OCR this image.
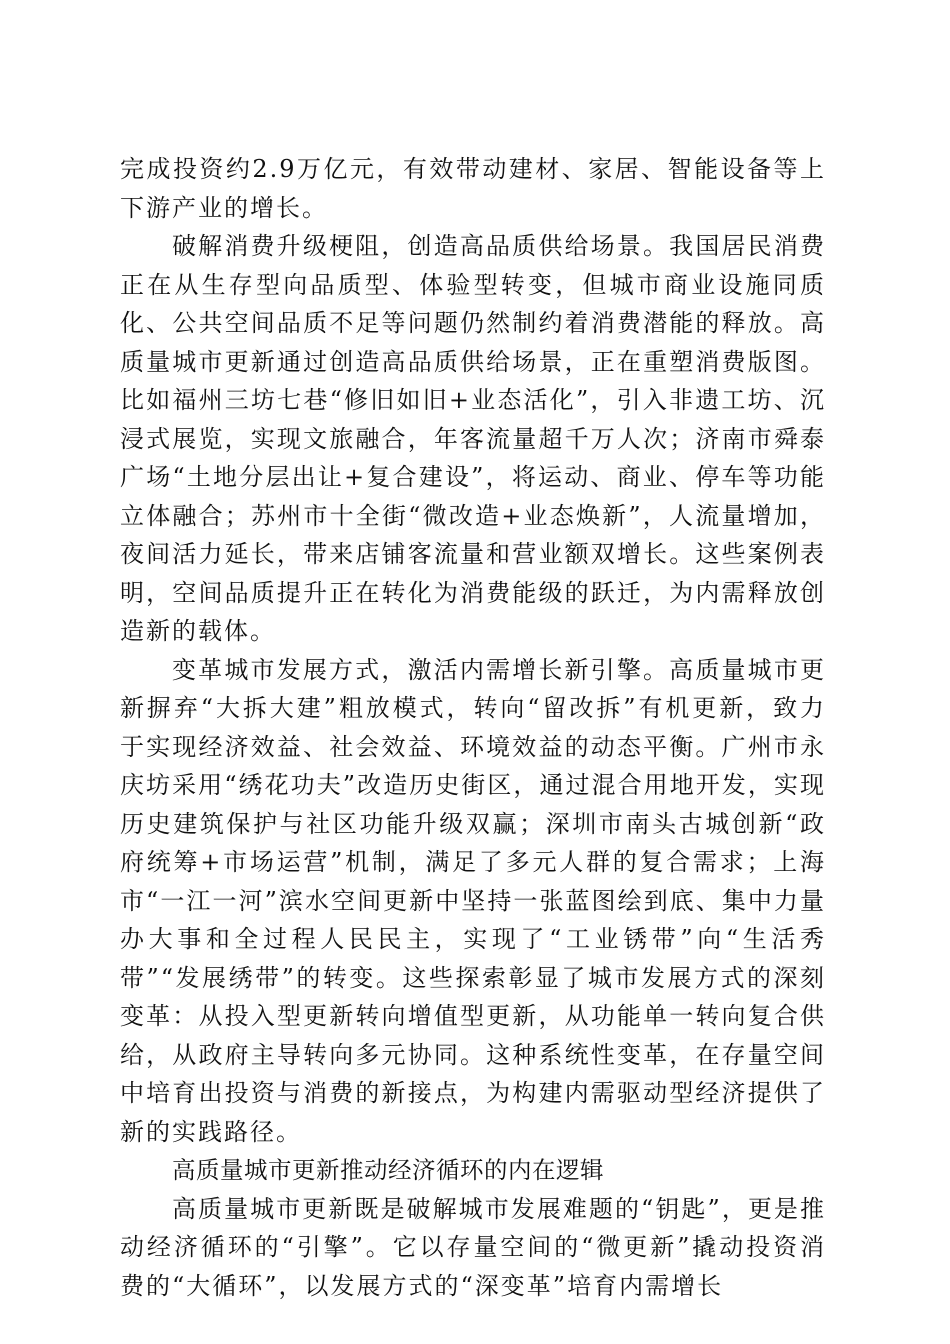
完成投资约2.9万亿元，有效带动建材、家居、智能设备等上下游产业的增长。

破解消费升级梗阻，创造高品质供给场景。我国居民消费正在从生存型向品质型、体验型转变，但城市商业设施同质化、公共空间品质不足等问题仍然制约着消费潜能的释放。高质量城市更新通过创造高品质供给场景，正在重塑消费版图。比如福州三坊七巷“修旧如旧+业态活化”，引入非遗工坊、沉浸式展览，实现文旅融合，年客流量超千万人次；济南市舜泰广场“土地分层出让+复合建设”，将运动、商业、停车等功能立体融合；苏州市十全街“微改造+业态焕新”，人流量增加，夜间活力延长，带来店铺客流量和营业额双增长。这些案例表明，空间品质提升正在转化为消费能级的跃迁，为内需释放创造新的载体。

变革城市发展方式，激活内需增长新引擎。高质量城市更新摒弃“大拆大建”粗放模式，转向“留改拆”有机更新，致力于实现经济效益、社会效益、环境效益的动态平衡。广州市永庆坊采用“绣花功夫”改造历史街区，通过混合用地开发，实现历史建筑保护与社区功能升级双赢；深圳市南头古城创新“政府统筹+市场运营”机制，满足了多元人群的复合需求；上海市“一江一河”滨水空间更新中坚持一张蓝图绘到底、集中力量办大事和全过程人民民主，实现了“工业锈带”向“生活秀带”“发展绣带”的转变。这些探索彰显了城市发展方式的深刻变革：从投入型更新转向增值型更新，从功能单一转向复合供给，从政府主导转向多元协同。这种系统性变革，在存量空间中培育出投资与消费的新接点，为构建内需驱动型经济提供了新的实践路径。

高质量城市更新推动经济循环的内在逻辑

高质量城市更新既是破解城市发展难题的“钥匙”，更是推动经济循环的“引擎”。它以存量空间的“微更新”撬动投资消费的“大循环”，以发展方式的“深变革”培育内需增长
